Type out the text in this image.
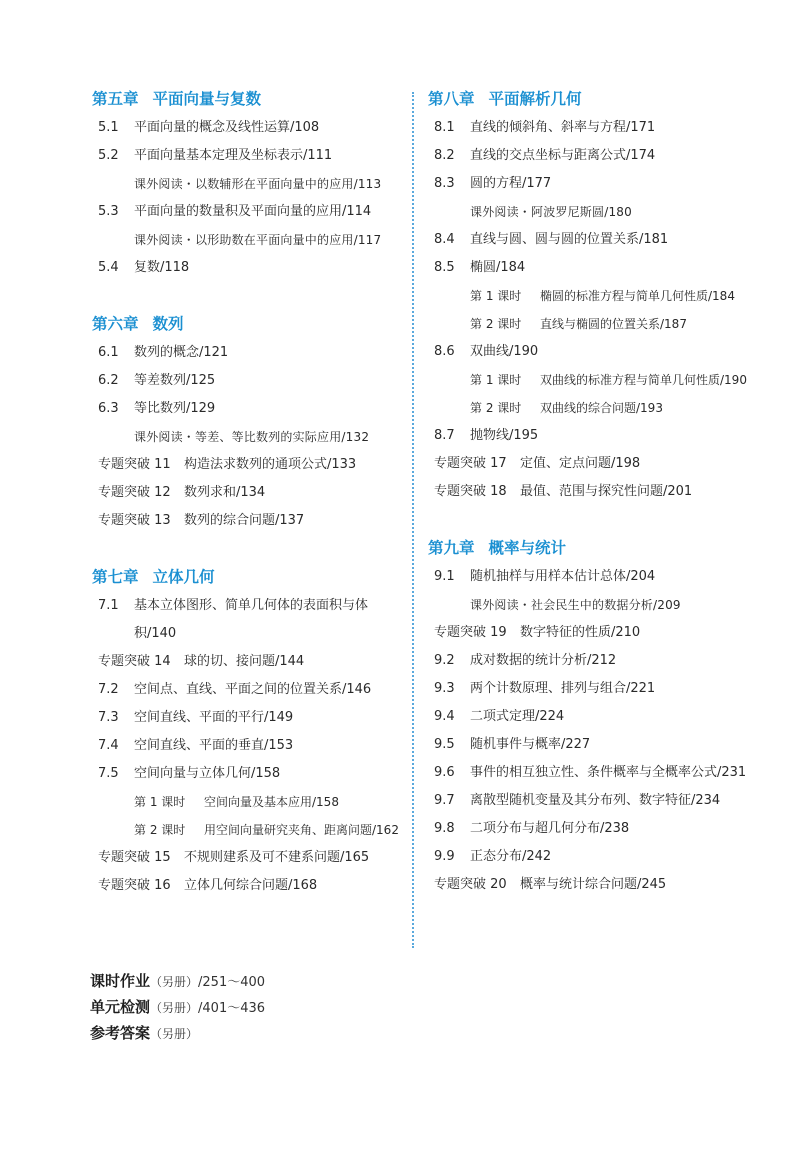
第五章 平面向量与复数
5.1	平面向量的概念及线性运算/108
5.2	平面向量基本定理及坐标表示/111
课外阅读・以数辅形在平面向量中的应用/113
5.3	平面向量的数量积及平面向量的应用/114
课外阅读・以形助数在平面向量中的应用/117
5.4	复数/118
第六章 数列
6.1	数列的概念/121
6.2	等差数列/125
6.3	等比数列/129
课外阅读・等差、等比数列的实际应用/132
专题突破 11	构造法求数列的通项公式/133
专题突破 12	数列求和/134
专题突破 13	数列的综合问题/137
第七章 立体几何
7.1	基本立体图形、简单几何体的表面积与体积/140
专题突破 14	球的切、接问题/144
7.2	空间点、直线、平面之间的位置关系/146
7.3	空间直线、平面的平行/149
7.4	空间直线、平面的垂直/153
7.5	空间向量与立体几何/158
第 1 课时	空间向量及基本应用/158
第 2 课时	用空间向量研究夹角、距离问题/162
专题突破 15	不规则建系及可不建系问题/165
专题突破 16	立体几何综合问题/168
第八章 平面解析几何
8.1	直线的倾斜角、斜率与方程/171
8.2	直线的交点坐标与距离公式/174
8.3	圆的方程/177
课外阅读・阿波罗尼斯圆/180
8.4	直线与圆、圆与圆的位置关系/181
8.5	椭圆/184
第 1 课时	椭圆的标准方程与简单几何性质/184
第 2 课时	直线与椭圆的位置关系/187
8.6	双曲线/190
第 1 课时	双曲线的标准方程与简单几何性质/190
第 2 课时	双曲线的综合问题/193
8.7	抛物线/195
专题突破 17	定值、定点问题/198
专题突破 18	最值、范围与探究性问题/201
第九章 概率与统计
9.1	随机抽样与用样本估计总体/204
课外阅读・社会民生中的数据分析/209
专题突破 19	数字特征的性质/210
9.2	成对数据的统计分析/212
9.3	两个计数原理、排列与组合/221
9.4	二项式定理/224
9.5	随机事件与概率/227
9.6	事件的相互独立性、条件概率与全概率公式/231
9.7	离散型随机变量及其分布列、数字特征/234
9.8	二项分布与超几何分布/238
9.9	正态分布/242
专题突破 20	概率与统计综合问题/245
课时作业 （另册） /251～400
单元检测 （另册） /401～436
参考答案 （另册）
